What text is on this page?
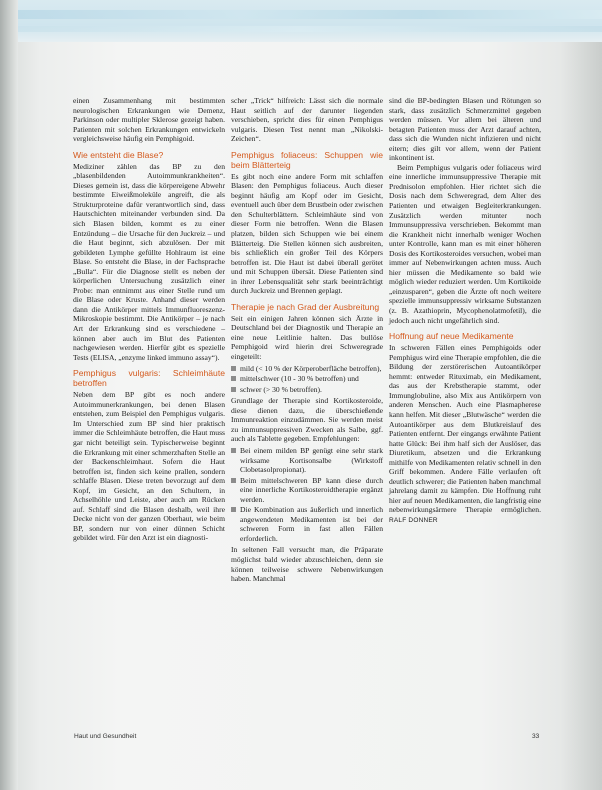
einen Zusammenhang mit bestimmten neurologischen Erkrankungen wie Demenz, Parkinson oder multipler Sklerose gezeigt haben. Patienten mit solchen Erkrankungen entwickeln vergleichsweise häufig ein Pemphigoid.

Wie entsteht die Blase?

Mediziner zählen das BP zu den „blasenbildenden Autoimmunkrankheiten“. Dieses gemein ist, dass die körpereigene Abwehr bestimmte Eiweißmoleküle angreift, die als Strukturproteine dafür verantwortlich sind, dass Hautschichten miteinander verbunden sind. Da sich Blasen bilden, kommt es zu einer Entzündung – die Ursache für den Juckreiz – und die Haut beginnt, sich abzulösen. Der mit gebildeten Lymphe gefüllte Hohlraum ist eine Blase. So entsteht die Blase, in der Fachsprache „Bulla“. Für die Diagnose stellt es neben der körperlichen Untersuchung zusätzlich einer Probe: man entnimmt aus einer Stelle rund um die Blase oder Kruste. Anhand dieser werden dann die Antikörper mittels Immunfluoreszenz-Mikroskopie bestimmt. Die Antikörper – je nach Art der Erkrankung sind es verschiedene – können aber auch im Blut des Patienten nachgewiesen werden. Hierfür gibt es spezielle Tests (ELISA, „enzyme linked immuno assay“).

Pemphigus vulgaris: Schleimhäute betroffen

Neben dem BP gibt es noch andere Autoimmunerkrankungen, bei denen Blasen entstehen, zum Beispiel den Pemphigus vulgaris. Im Unterschied zum BP sind hier praktisch immer die Schleimhäute betroffen, die Haut muss gar nicht beteiligt sein. Typischerweise beginnt die Erkrankung mit einer schmerzhaften Stelle an der Backenschleimhaut. Sofern die Haut betroffen ist, finden sich keine prallen, sondern schlaffe Blasen. Diese treten bevorzugt auf dem Kopf, im Gesicht, an den Schultern, in Achselhöhle und Leiste, aber auch am Rücken auf. Schlaff sind die Blasen deshalb, weil ihre Decke nicht von der ganzen Oberhaut, wie beim BP, sondern nur von einer dünnen Schicht gebildet wird. Für den Arzt ist ein diagnosti-

scher „Trick“ hilfreich: Lässt sich die normale Haut seitlich auf der darunter liegenden verschieben, spricht dies für einen Pemphigus vulgaris. Diesen Test nennt man „Nikolski-Zeichen“.

Pemphigus foliaceus: Schuppen wie beim Blätterteig

Es gibt noch eine andere Form mit schlaffen Blasen: den Pemphigus foliaceus. Auch dieser beginnt häufig am Kopf oder im Gesicht, eventuell auch über dem Brustbein oder zwischen den Schulterblättern. Schleimhäute sind von dieser Form nie betroffen. Wenn die Blasen platzen, bilden sich Schuppen wie bei einem Blätterteig. Die Stellen können sich ausbreiten, bis schließlich ein großer Teil des Körpers betroffen ist. Die Haut ist dabei überall gerötet und mit Schuppen übersät. Diese Patienten sind in ihrer Lebensqualität sehr stark beeinträchtigt durch Juckreiz und Brennen geplagt.

Therapie je nach Grad der Ausbreitung

Seit ein einigen Jahren können sich Ärzte in Deutschland bei der Diagnostik und Therapie an eine neue Leitlinie halten. Das bullöse Pemphigoid wird hierin drei Schweregrade eingeteilt:

mild (< 10 % der Körperoberfläche betroffen),
mittelschwer (10 - 30 % betroffen) und
schwer (> 30 % betroffen).

Grundlage der Therapie sind Kortikosteroide, diese dienen dazu, die überschießende Immunreaktion einzudämmen. Sie werden meist zu immunsuppressiven Zwecken als Salbe, ggf. auch als Tablette gegeben. Empfehlungen:

Bei einem milden BP genügt eine sehr stark wirksame Kortisonsalbe (Wirkstoff Clobetasolpropionat).
Beim mittelschweren BP kann diese durch eine innerliche Kortikosteroidtherapie ergänzt werden.
Die Kombination aus äußerlich und innerlich angewendeten Medikamenten ist bei der schweren Form in fast allen Fällen erforderlich.

In seltenen Fall versucht man, die Präparate möglichst bald wieder abzuschleichen, denn sie können teilweise schwere Nebenwirkungen haben. Manchmal

sind die BP-bedingten Blasen und Rötungen so stark, dass zusätzlich Schmerzmittel gegeben werden müssen. Vor allem bei älteren und betagten Patienten muss der Arzt darauf achten, dass sich die Wunden nicht infizieren und nicht eitern; dies gilt vor allem, wenn der Patient inkontinent ist.

Beim Pemphigus vulgaris oder foliaceus wird eine innerliche immunsuppressive Therapie mit Prednisolon empfohlen. Hier richtet sich die Dosis nach dem Schweregrad, dem Alter des Patienten und etwaigen Begleiterkrankungen. Zusätzlich werden mitunter noch Immunsuppressiva verschrieben. Bekommt man die Krankheit nicht innerhalb weniger Wochen unter Kontrolle, kann man es mit einer höheren Dosis des Kortikosteroides versuchen, wobei man immer auf Nebenwirkungen achten muss. Auch hier müssen die Medikamente so bald wie möglich wieder reduziert werden. Um Kortikoide „einzusparen“, geben die Ärzte oft noch weitere spezielle immunsuppressiv wirksame Substanzen (z. B. Azathioprin, Mycophenolatmofetil), die jedoch auch nicht ungefährlich sind.

Hoffnung auf neue Medikamente

In schweren Fällen eines Pemphigoids oder Pemphigus wird eine Therapie empfohlen, die die Bildung der zerstörerischen Autoantikörper hemmt: entweder Rituximab, ein Medikament, das aus der Krebstherapie stammt, oder Immunglobuline, also Mix aus Antikörpern von anderen Menschen. Auch eine Plasmapherese kann helfen. Mit dieser „Blutwäsche“ werden die Autoantikörper aus dem Blutkreislauf des Patienten entfernt. Der eingangs erwähnte Patient hatte Glück: Bei ihm half sich der Auslöser, das Diuretikum, absetzen und die Erkrankung mithilfe von Medikamenten relativ schnell in den Griff bekommen. Andere Fälle verlaufen oft deutlich schwerer; die Patienten haben manchmal jahrelang damit zu kämpfen. Die Hoffnung ruht hier auf neuen Medikamenten, die langfristig eine nebenwirkungsärmere Therapie ermöglichen. RALF DONNER

Haut und Gesundheit	33
